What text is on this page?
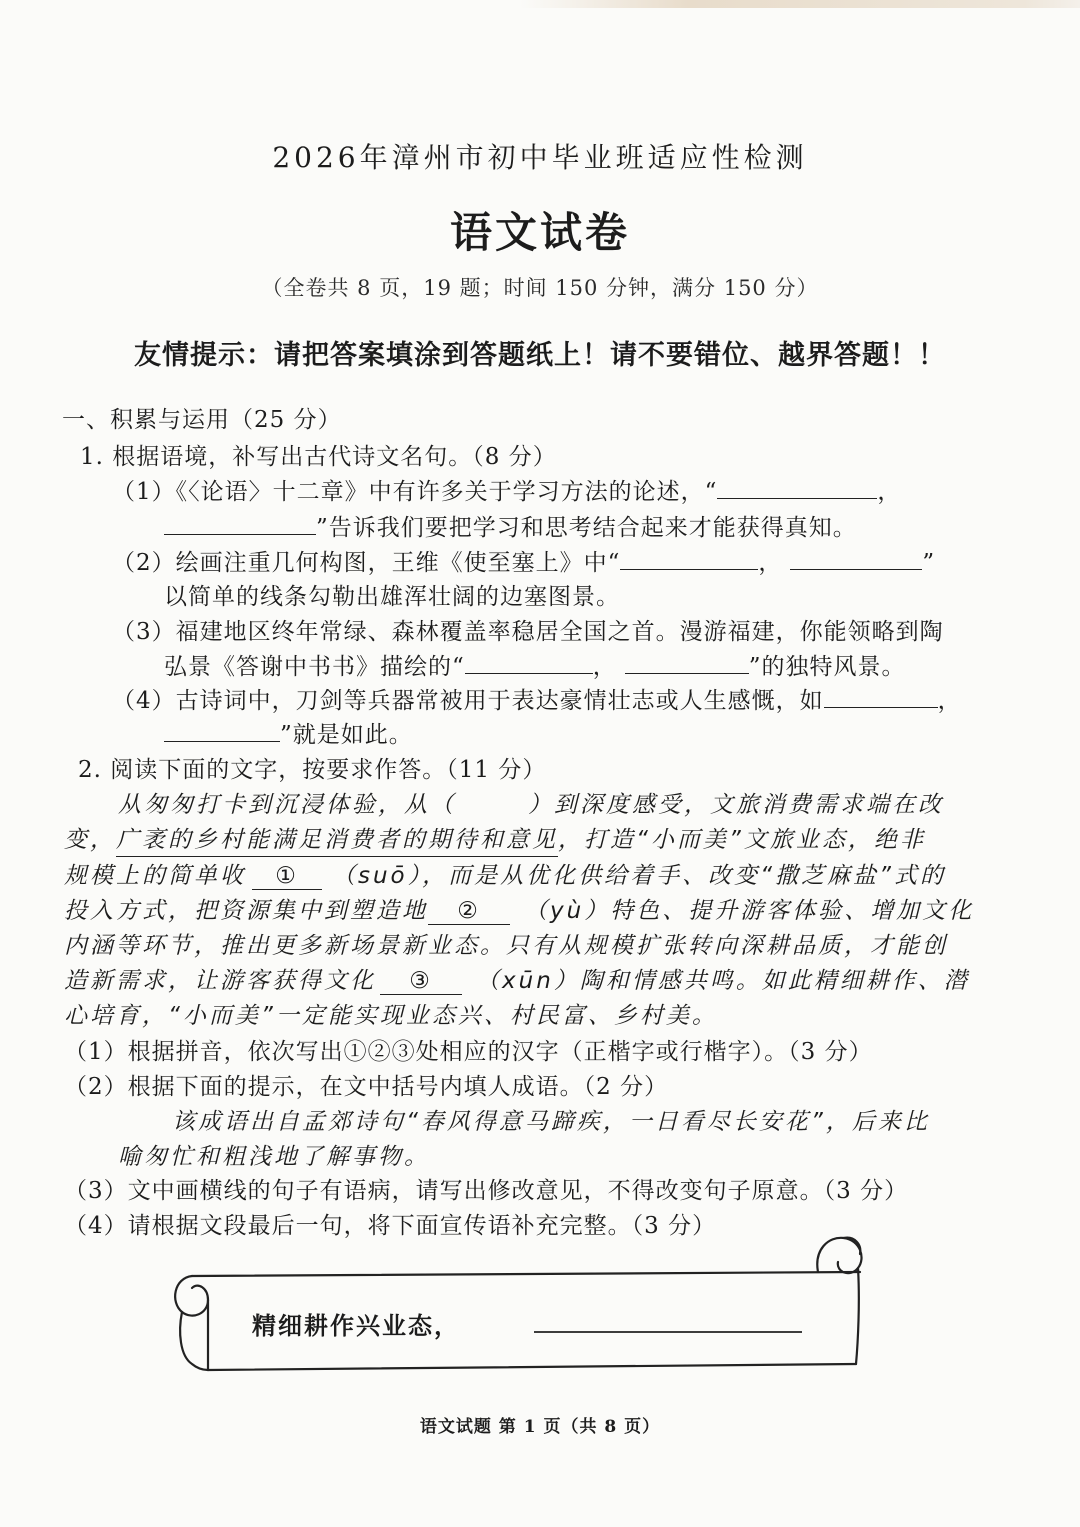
2026年漳州市初中毕业班适应性检测
语文试卷
（全卷共 8 页，19 题；时间 150 分钟，满分 150 分）
友情提示：请把答案填涂到答题纸上！请不要错位、越界答题！！
一、积累与运用（25 分）
1. 根据语境，补写出古代诗文名句。（8 分）
（1）《〈论语〉十二章》中有许多关于学习方法的论述，“	，
”告诉我们要把学习和思考结合起来才能获得真知。
（2）绘画注重几何构图，王维《使至塞上》中“	，	”
以简单的线条勾勒出雄浑壮阔的边塞图景。
（3）福建地区终年常绿、森林覆盖率稳居全国之首。漫游福建，你能领略到陶
弘景《答谢中书书》描绘的“	，	”的独特风景。
（4）古诗词中，刀剑等兵器常被用于表达豪情壮志或人生感慨，如	，
”就是如此。
2. 阅读下面的文字，按要求作答。（11 分）
从匆匆打卡到沉浸体验，从（	）到深度感受，文旅消费需求端在改
变，广袤的乡村能满足消费者的期待和意见，打造“小而美”文旅业态，绝非
规模上的简单收 ① （suō），而是从优化供给着手、改变“撒芝麻盐”式的
投入方式，把资源集中到塑造地 ② （yù）特色、提升游客体验、增加文化
内涵等环节，推出更多新场景新业态。只有从规模扩张转向深耕品质，才能创
造新需求，让游客获得文化 ③ （xūn）陶和情感共鸣。如此精细耕作、潜
心培育，“小而美”一定能实现业态兴、村民富、乡村美。
（1）根据拼音，依次写出①②③处相应的汉字（正楷字或行楷字）。（3 分）
（2）根据下面的提示，在文中括号内填人成语。（2 分）
该成语出自孟郊诗句“春风得意马蹄疾，一日看尽长安花”，后来比
喻匆忙和粗浅地了解事物。
（3）文中画横线的句子有语病，请写出修改意见，不得改变句子原意。（3 分）
（4）请根据文段最后一句，将下面宣传语补充完整。（3 分）
精细耕作兴业态，
语文试题 第 1 页（共 8 页）
